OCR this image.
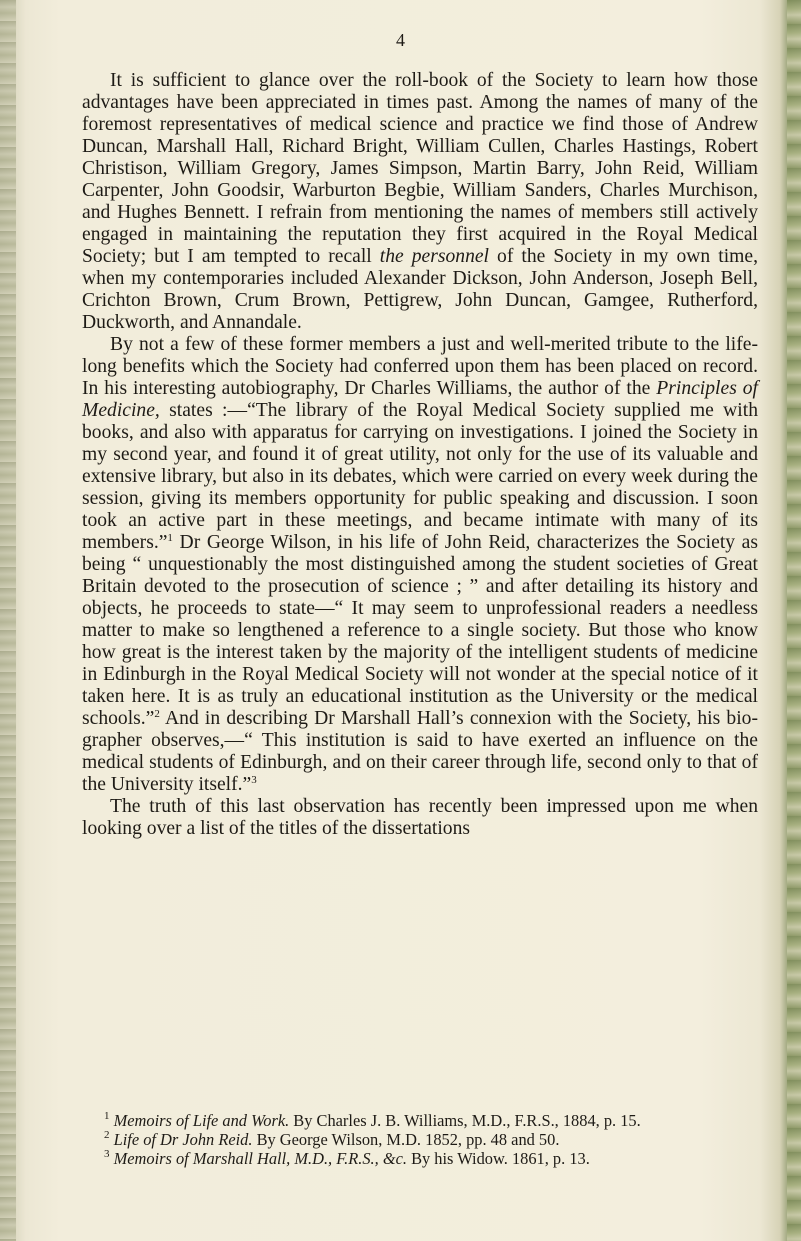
4

It is sufficient to glance over the roll-book of the Society to learn how those advantages have been appreciated in times past. Among the names of many of the foremost representatives of medical science and practice we find those of Andrew Duncan, Marshall Hall, Richard Bright, William Cullen, Charles Hastings, Robert Christison, William Gregory, James Simpson, Martin Barry, John Reid, William Carpenter, John Goodsir, Warburton Begbie, William Sanders, Charles Murchison, and Hughes Bennett. I refrain from mentioning the names of members still actively engaged in maintaining the reputation they first acquired in the Royal Medical Society; but I am tempted to recall the personnel of the Society in my own time, when my contemporaries included Alexander Dickson, John Anderson, Joseph Bell, Crichton Brown, Crum Brown, Pettigrew, John Duncan, Gamgee, Rutherford, Duckworth, and Annandale.

By not a few of these former members a just and well-merited tribute to the life-long benefits which the Society had conferred upon them has been placed on record. In his interesting autobiography, Dr Charles Williams, the author of the Principles of Medicine, states :—“The library of the Royal Medical Society supplied me with books, and also with apparatus for carrying on investigations. I joined the Society in my second year, and found it of great utility, not only for the use of its valuable and extensive library, but also in its debates, which were carried on every week during the session, giving its members opportunity for public speaking and discussion. I soon took an active part in these meetings, and became intimate with many of its members.”$^1$ Dr George Wilson, in his life of John Reid, characterizes the Society as being “ unquestionably the most distinguished among the student societies of Great Britain devoted to the prosecution of science ; ” and after detailing its history and objects, he proceeds to state—“ It may seem to unprofessional readers a needless matter to make so lengthened a reference to a single society. But those who know how great is the interest taken by the majority of the intelligent students of medicine in Edinburgh in the Royal Medical Society will not wonder at the special notice of it taken here. It is as truly an educational institution as the University or the medical schools.”$^2$ And in describing Dr Marshall Hall’s connexion with the Society, his biographer observes,—“ This institution is said to have exerted an influence on the medical students of Edinburgh, and on their career through life, second only to that of the University itself.”$^3$

The truth of this last observation has recently been impressed upon me when looking over a list of the titles of the dissertations

$^1$ Memoirs of Life and Work. By Charles J. B. Williams, M.D., F.R.S., 1884, p. 15.

$^2$ Life of Dr John Reid. By George Wilson, M.D. 1852, pp. 48 and 50.

$^3$ Memoirs of Marshall Hall, M.D., F.R.S., &c. By his Widow. 1861, p. 13.
